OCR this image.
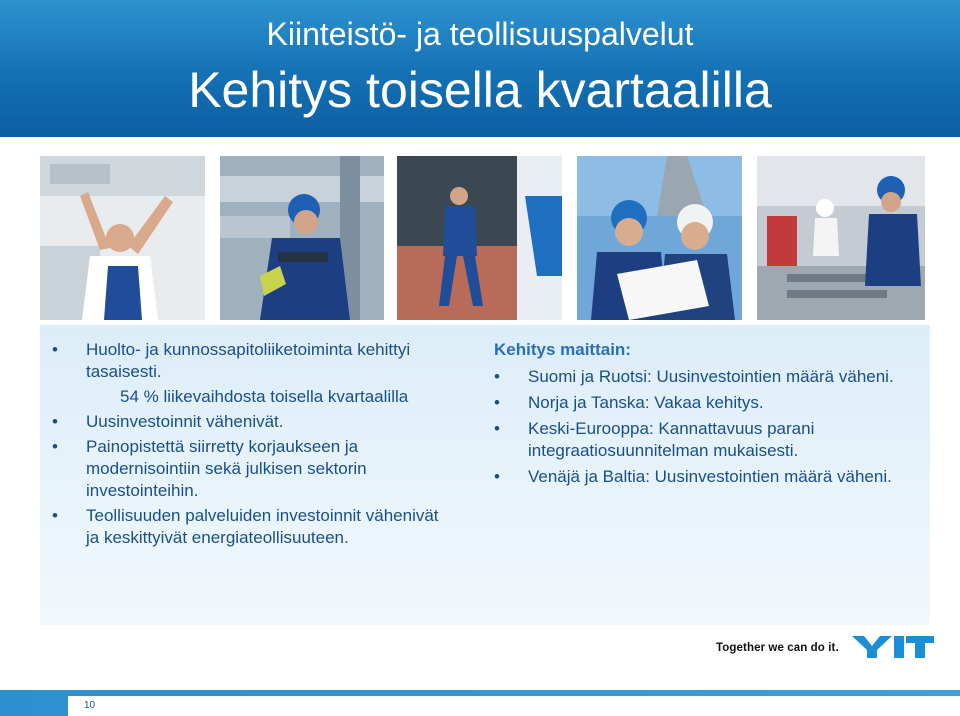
Kiinteistö- ja teollisuuspalvelut
Kehitys toisella kvartaalilla
• Huolto- ja kunnossapitoliiketoiminta kehittyi tasaisesti.
54 % liikevaihdosta toisella kvartaalilla
• Uusinvestoinnit vähenivät.
• Painopistettä siirretty korjaukseen ja modernisointiin sekä julkisen sektorin investointeihin.
• Teollisuuden palveluiden investoinnit vähenivät ja keskittyivät energiateollisuuteen.
Kehitys maittain:
• Suomi ja Ruotsi: Uusinvestointien määrä väheni.
• Norja ja Tanska: Vakaa kehitys.
• Keski-Eurooppa: Kannattavuus parani integraatiosuunnitelman mukaisesti.
• Venäjä ja Baltia: Uusinvestointien määrä väheni.
Together we can do it.
10
